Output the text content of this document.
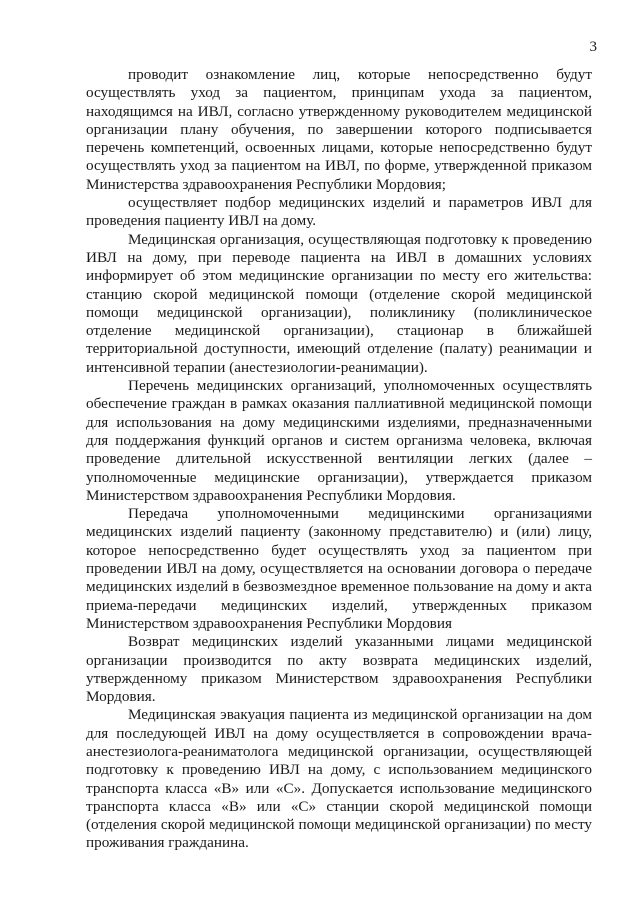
3

проводит ознакомление лиц, которые непосредственно будут осуществлять уход за пациентом, принципам ухода за пациентом, находящимся на ИВЛ, согласно утвержденному руководителем медицинской организации плану обучения, по завершении которого подписывается перечень компетенций, освоенных лицами, которые непосредственно будут осуществлять уход за пациентом на ИВЛ, по форме, утвержденной приказом Министерства здравоохранения Республики Мордовия;

осуществляет подбор медицинских изделий и параметров ИВЛ для проведения пациенту ИВЛ на дому.

Медицинская организация, осуществляющая подготовку к проведению ИВЛ на дому, при переводе пациента на ИВЛ в домашних условиях информирует об этом медицинские организации по месту его жительства: станцию скорой медицинской помощи (отделение скорой медицинской помощи медицинской организации), поликлинику (поликлиническое отделение медицинской организации), стационар в ближайшей территориальной доступности, имеющий отделение (палату) реанимации и интенсивной терапии (анестезиологии-реанимации).

Перечень медицинских организаций, уполномоченных осуществлять обеспечение граждан в рамках оказания паллиативной медицинской помощи для использования на дому медицинскими изделиями, предназначенными для поддержания функций органов и систем организма человека, включая проведение длительной искусственной вентиляции легких (далее – уполномоченные медицинские организации), утверждается приказом Министерством здравоохранения Республики Мордовия.

Передача уполномоченными медицинскими организациями медицинских изделий пациенту (законному представителю) и (или) лицу, которое непосредственно будет осуществлять уход за пациентом при проведении ИВЛ на дому, осуществляется на основании договора о передаче медицинских изделий в безвозмездное временное пользование на дому и акта приема-передачи медицинских изделий, утвержденных приказом Министерством здравоохранения Республики Мордовия

Возврат медицинских изделий указанными лицами медицинской организации производится по акту возврата медицинских изделий, утвержденному приказом Министерством здравоохранения Республики Мордовия.

Медицинская эвакуация пациента из медицинской организации на дом для последующей ИВЛ на дому осуществляется в сопровождении врача-анестезиолога-реаниматолога медицинской организации, осуществляющей подготовку к проведению ИВЛ на дому, с использованием медицинского транспорта класса «В» или «С». Допускается использование медицинского транспорта класса «В» или «С» станции скорой медицинской помощи (отделения скорой медицинской помощи медицинской организации) по месту проживания гражданина.
